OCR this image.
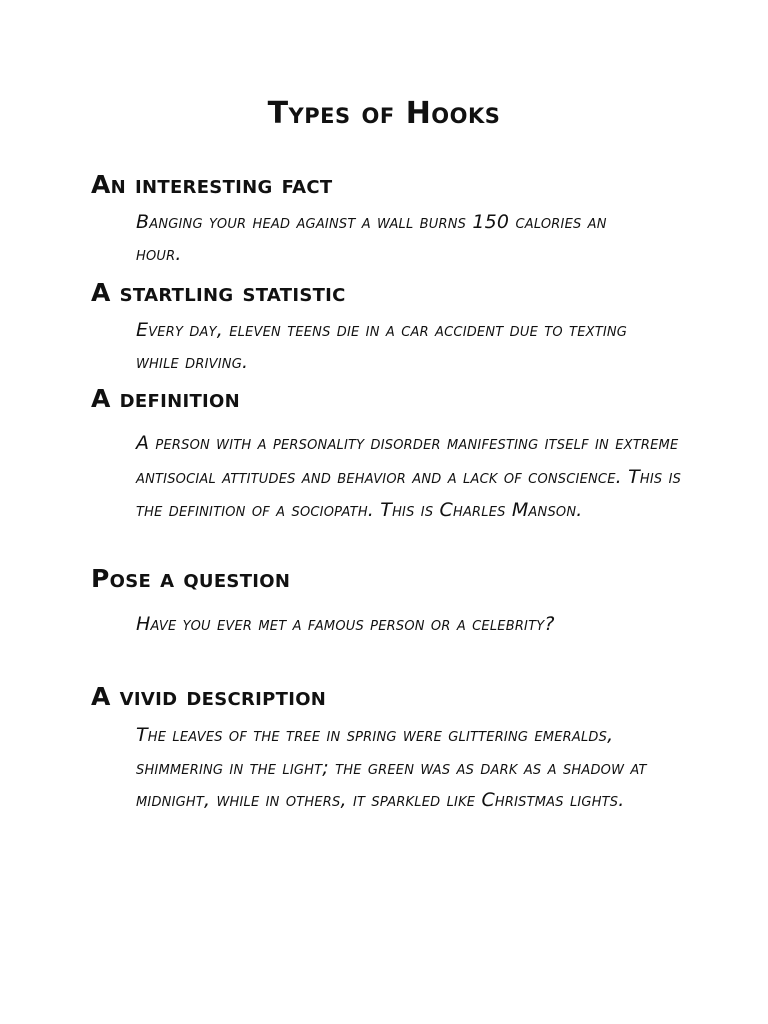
Types of Hooks
An interesting fact

Banging your head against a wall burns 150 calories an hour.

A startling statistic

Every day, eleven teens die in a car accident due to texting while driving.

A definition

A person with a personality disorder manifesting itself in extreme antisocial attitudes and behavior and a lack of conscience. This is the definition of a sociopath. This is Charles Manson.

Pose a question

Have you ever met a famous person or a celebrity?

A vivid description

The leaves of the tree in spring were glittering emeralds, shimmering in the light; the green was as dark as a shadow at midnight, while in others, it sparkled like Christmas lights.
